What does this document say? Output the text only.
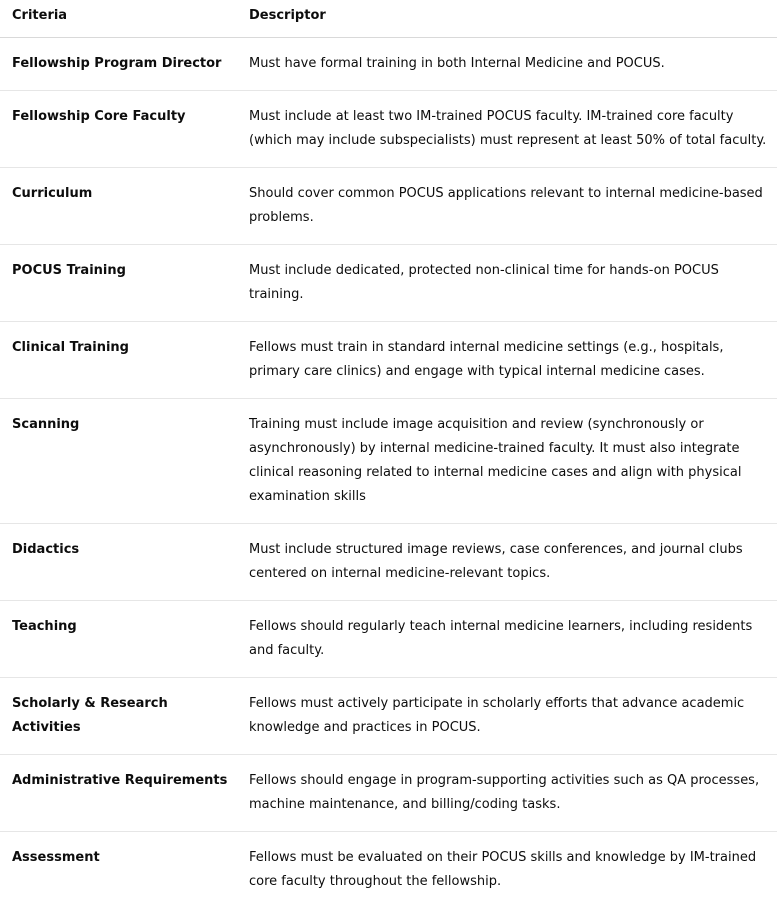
Criteria	Descriptor
Fellowship Program Director	Must have formal training in both Internal Medicine and POCUS.
Fellowship Core Faculty	Must include at least two IM-trained POCUS faculty. IM-trained core faculty (which may include subspecialists) must represent at least 50% of total faculty.
Curriculum	Should cover common POCUS applications relevant to internal medicine-based problems.
POCUS Training	Must include dedicated, protected non-clinical time for hands-on POCUS training.
Clinical Training	Fellows must train in standard internal medicine settings (e.g., hospitals, primary care clinics) and engage with typical internal medicine cases.
Scanning	Training must include image acquisition and review (synchronously or asynchronously) by internal medicine-trained faculty. It must also integrate clinical reasoning related to internal medicine cases and align with physical examination skills
Didactics	Must include structured image reviews, case conferences, and journal clubs centered on internal medicine-relevant topics.
Teaching	Fellows should regularly teach internal medicine learners, including residents and faculty.
Scholarly & Research Activities	Fellows must actively participate in scholarly efforts that advance academic knowledge and practices in POCUS.
Administrative Requirements	Fellows should engage in program-supporting activities such as QA processes, machine maintenance, and billing/coding tasks.
Assessment	Fellows must be evaluated on their POCUS skills and knowledge by IM-trained core faculty throughout the fellowship.
